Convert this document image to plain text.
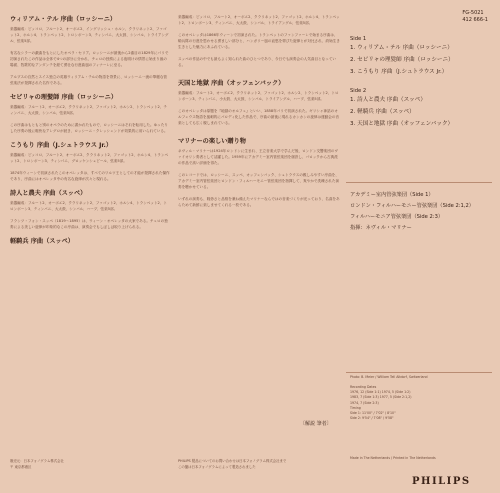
FG-5021
412 666-1
ウィリアム・テル 序曲（ロッシーニ）

楽器編成：ピッコロ、フルート2、オーボエ2、イングリッシュ・ホルン、クラリネット2、ファゴット2、ホルン4、トランペット2、トロンボーン3、ティンパニ、大太鼓、シンバル、トライアングル、弦楽5部。

有名なシラーの戯曲をもとにしたオペラ・セリア。ロッシーニが最後から2番目の1829年にパリで初演されたこの作品は全体で4つの部分に分かれ、チェロの独奏による夜明けの情景に始まり嵐の場面、牧歌的なアンダンテを経て勇壮な行進曲風のフィナーレに至る。

アルプスの自然とスイス独立の英雄ウィリアム・テルの物語を背景に、ロッシーニ一流の華麗な管弦楽法が発揮された名作である。

セビリャの理髪師 序曲（ロッシーニ）

楽器編成：フルート2、オーボエ2、クラリネット2、ファゴット2、ホルン2、トランペット2、ティンパニ、大太鼓、シンバル、弦楽5部。

この序曲はもともと別のオペラのために書かれたもので、ロッシーニはそれを転用した。ゆったりした序奏の後に軽快なアレグロが続き、ロッシーニ・クレッシェンドが効果的に用いられている。

こうもり 序曲（J.シュトラウス Jr.）

楽器編成：ピッコロ、フルート2、オーボエ2、クラリネット2、ファゴット2、ホルン4、トランペット2、トロンボーン3、ティンパニ、グロッケンシュピール、弦楽5部。

1874年ウィーンで初演されたこのオペレッタは、すべてのワルツ王としての才能が発揮された傑作であり、序曲にはオペレッタ中の有名な旋律が次々と現れる。

詩人と農夫 序曲（スッペ）

楽器編成：フルート2、オーボエ2、クラリネット2、ファゴット2、ホルン4、トランペット2、トロンボーン3、ティンパニ、大太鼓、シンバル、ハープ、弦楽5部。

フランツ・フォン・スッペ（1819〜1895）は、ウィーン・オペレッタの大家である。チェロの独奏による美しい旋律が印象的なこの序曲は、演奏会でもしばしば取り上げられる。

軽騎兵 序曲（スッペ）

楽器編成：ピッコロ、フルート2、オーボエ2、クラリネット2、ファゴット2、ホルン4、トランペット2、トロンボーン3、ティンパニ、大太鼓、シンバル、トライアングル、弦楽5部。

このオペレッタは1866年ウィーンで初演された。トランペットのファンファーレで始まる序曲は、騎兵隊の行進を思わせる勇ましい部分と、ハンガリー風の哀愁を帯びた旋律とが対比され、終始生き生きとした魅力にあふれている。

スッペの作品の中でも最もよく知られた曲のひとつであり、今日でも演奏会の人気曲目となっている。

天国と地獄 序曲（オッフェンバック）

楽器編成：フルート2、オーボエ2、クラリネット2、ファゴット2、ホルン2、トランペット2、トロンボーン3、ティンパニ、小太鼓、大太鼓、シンバル、トライアングル、ハープ、弦楽5部。

このオペレッタは原題を『地獄のオルフェ』といい、1858年パリで初演された。ギリシャ神話のオルフェウス物語を風刺的にパロディ化した作品で、序曲の最後に現れるカンカンの旋律は運動会の音楽としても広く親しまれている。

マリナーの楽しい贈り物

ネヴィル・マリナーは1924年ロンドンに生まれ、王立音楽大学で学んだ後、ロンドン交響楽団のヴァイオリン奏者として活躍した。1959年にアカデミー室内管弦楽団を創設し、バロックから古典派の作品で高い評価を得た。

このレコードでは、ロッシーニ、スッペ、オッフェンバック、シュトラウスの親しみやすい序曲を、アカデミー室内管弦楽団とロンドン・フィルハーモニー管弦楽団を指揮して、爽やかで洗練された演奏を聴かせている。

いずれの演奏も、軽妙さと品格を兼ね備えたマリナーならではの音楽づくりが光っており、名曲をあらためて新鮮に楽しませてくれる一枚である。

〔解説 筆者〕
Side 1
1. ウィリアム・テル 序曲（ロッシーニ）
2. セビリャの理髪師 序曲（ロッシーニ）
3. こうもり 序曲（J.シュトラウス Jr.）
Side 2
1. 詩人と農夫 序曲（スッペ）
2. 軽騎兵 序曲（スッペ）
3. 天国と地獄 序曲（オッフェンバック）
アカデミー室内管弦楽団（Side 1）
ロンドン・フィルハーモニー管弦楽団（Side 2:1,2）
フィルハーモニア管弦楽団（Side 2:3）
指揮：ネヴィル・マリナー
Photo: B. Meier / William Tell Altdorf, Switzerland
Recording Dates
1976, 12 (Side 1:1) 1974, 5 (Side 1:2)
1983, 7 (Side 1:3) 1977, 5 (Side 2:1,2)
1974, 7 (Side 2:3)
Timing
Side 1: 11'00" / 7'02" / 8'10"
Side 2: 9'54" / 7'08" / 9'58"
Made in The Netherlands / Printed in The Netherlands
販売元：日本フォノグラム株式会社
〒 東京都港区
PHILIPS 製品についてのお問い合わせは日本フォノグラム株式会社まで
この盤は日本フォノグラムによって製造されました
PHILIPS
